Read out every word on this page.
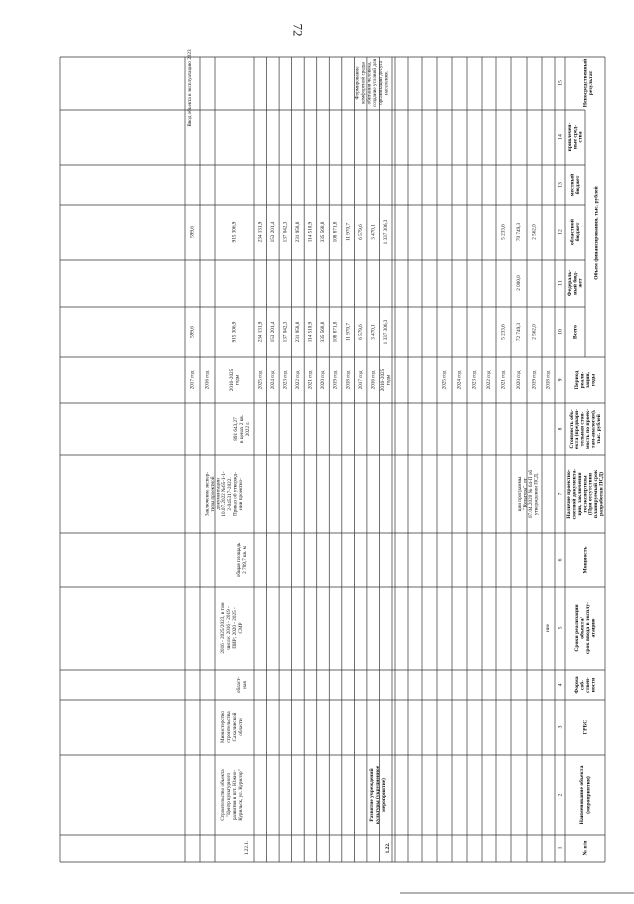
72
№ п/п
Наименование объекта (мероприятия)
ГРБС
Форма соб- ствен- ности
Сроки реализации объекта/ срок ввода в эксплу- атацию
Мощность
Наличие проектно- сметной документа- ции, заключения госэкспертизы (При отсутствии планируемый срок разработки ПСД)
Стоимость объ- екта (предвари- тельная стои- мость по проек- там-аналогам), тыс. рублей
Период реали- зации, годы
Объем финансирования, тыс. рублей
Всего
Федераль- ный бюд- жет
областной бюджет
местный бюджет
привлечен- ные сред- ства
Непосредственный результат
1
2
3
4
5
6
7
8
9
10
11
12
13
14
15
ние
ции программы "Культура", от 07.04.2020 № 64-П об утверждении ПСД.
2018 год
2019 год
2 562,0
2 562,0
2020 год
72 749,3
2 000,0
70 749,3
2021 год
5 233,6
5 233,6
2022 год
2023 год
2024 год
2025 год
1.22.
Развитие учреждений культуры (укрупненное мероприятие)
Формирование комфортной среды обитания человека, создание условий для организации досуга населения.
2016-2025 годы
1 337 306,3
1 337 306,3
2016 год
3 470,1
3 470,1
2017 год
6 579,6
6 579,6
2018 год
11 970,7
11 970,7
2019 год
108 871,8
108 871,8
2020 год
335 568,8
335 568,8
2021 год
114 510,9
114 510,9
2022 год
231 958,8
231 958,8
2023 год
137 042,3
137 042,3
2024 год
153 201,4
153 201,4
2025 год
234 131,9
234 131,9
1.22.1.
Строительство объекта "Центр культурного развития в пгт. Южно- Курильск, ул. Курилэр"
Министерство строительства Сахалинской области
област- ная
2016 - 2025/2023, в том числе: 2016 - 2019 - ПИР; 2020 - 2025 - СМР
общая площадь 2 789,7 кв. м
Заключение экспер- тизы проектной документации 10.07.2022 №65-1-1- 2-045317-2022. Приказ об утвержд- нии проектно-
891 643,27 в ценах 2 кв. 2022 г.
2016-2025 годы
915 306,9
915 306,9
2016 год
2017 год
599,6
599,6
Ввод объекта в эксплуатацию 2023
